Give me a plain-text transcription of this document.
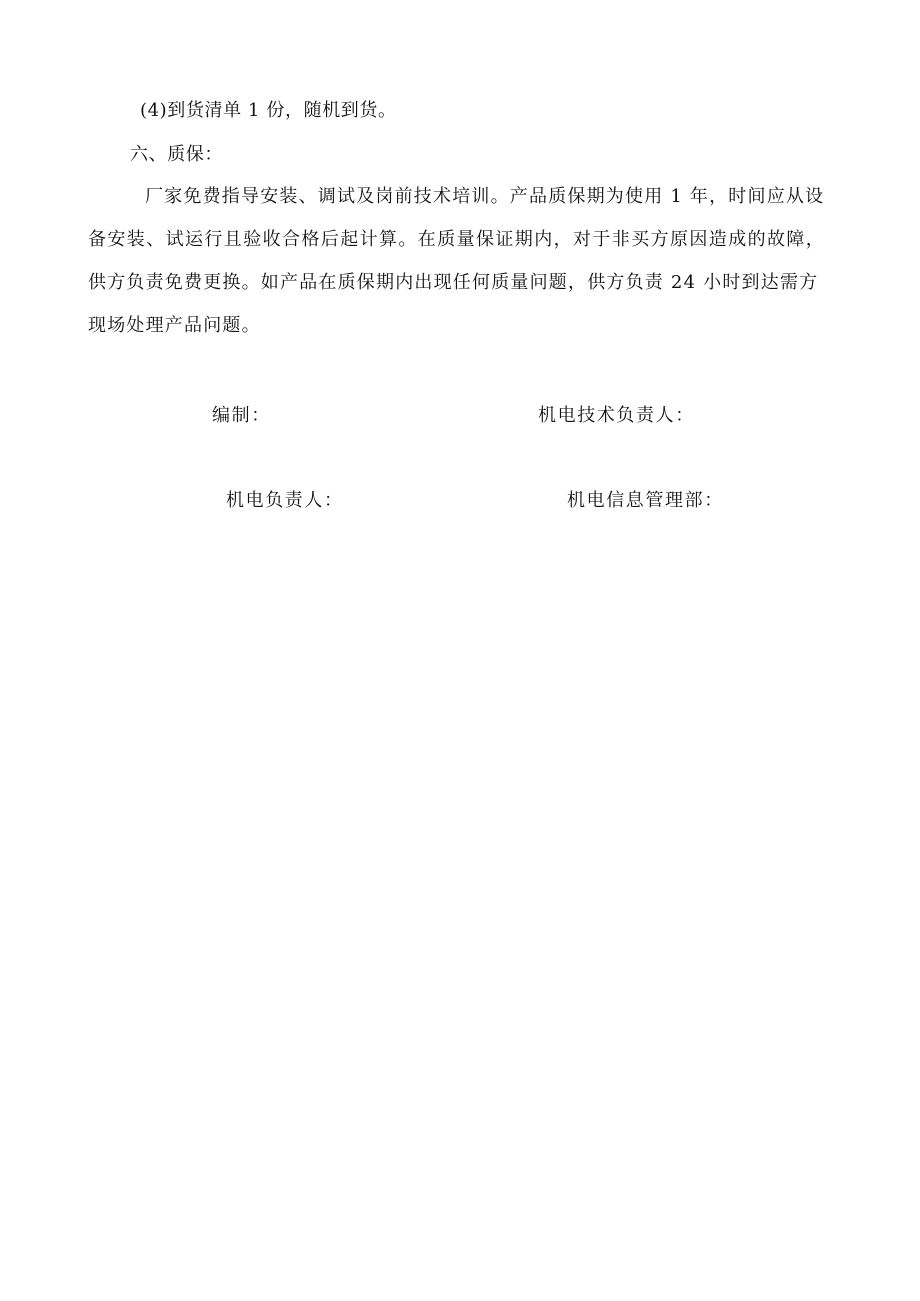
(4)到货清单 1 份，随机到货。
六、质保：
厂家免费指导安装、调试及岗前技术培训。产品质保期为使用 1 年，时间应从设
备安装、试运行且验收合格后起计算。在质量保证期内，对于非买方原因造成的故障，
供方负责免费更换。如产品在质保期内出现任何质量问题，供方负责 24 小时到达需方
现场处理产品问题。
编制：	机电技术负责人：
机电负责人：	机电信息管理部：
